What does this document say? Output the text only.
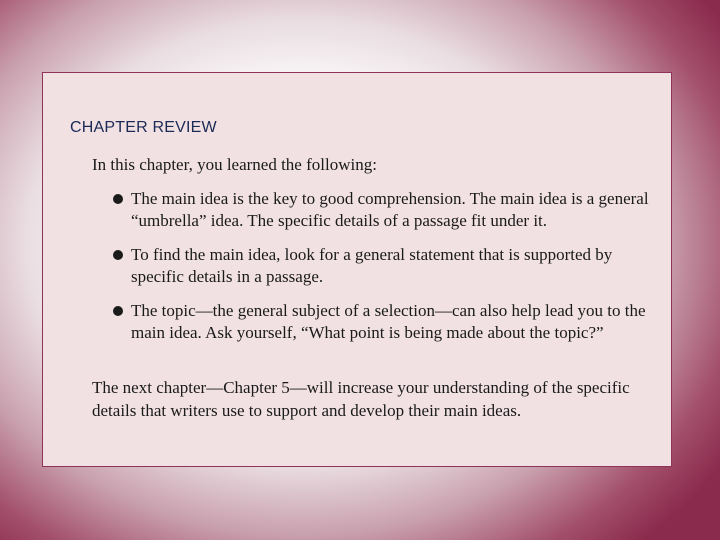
CHAPTER REVIEW
In this chapter, you learned the following:
The main idea is the key to good comprehension. The main idea is a general “umbrella” idea. The specific details of a passage fit under it.
To find the main idea, look for a general statement that is supported by specific details in a passage.
The topic—the general subject of a selection—can also help lead you to the main idea. Ask yourself, “What point is being made about the topic?”
The next chapter—Chapter 5—will increase your understanding of the specific details that writers use to support and develop their main ideas.
